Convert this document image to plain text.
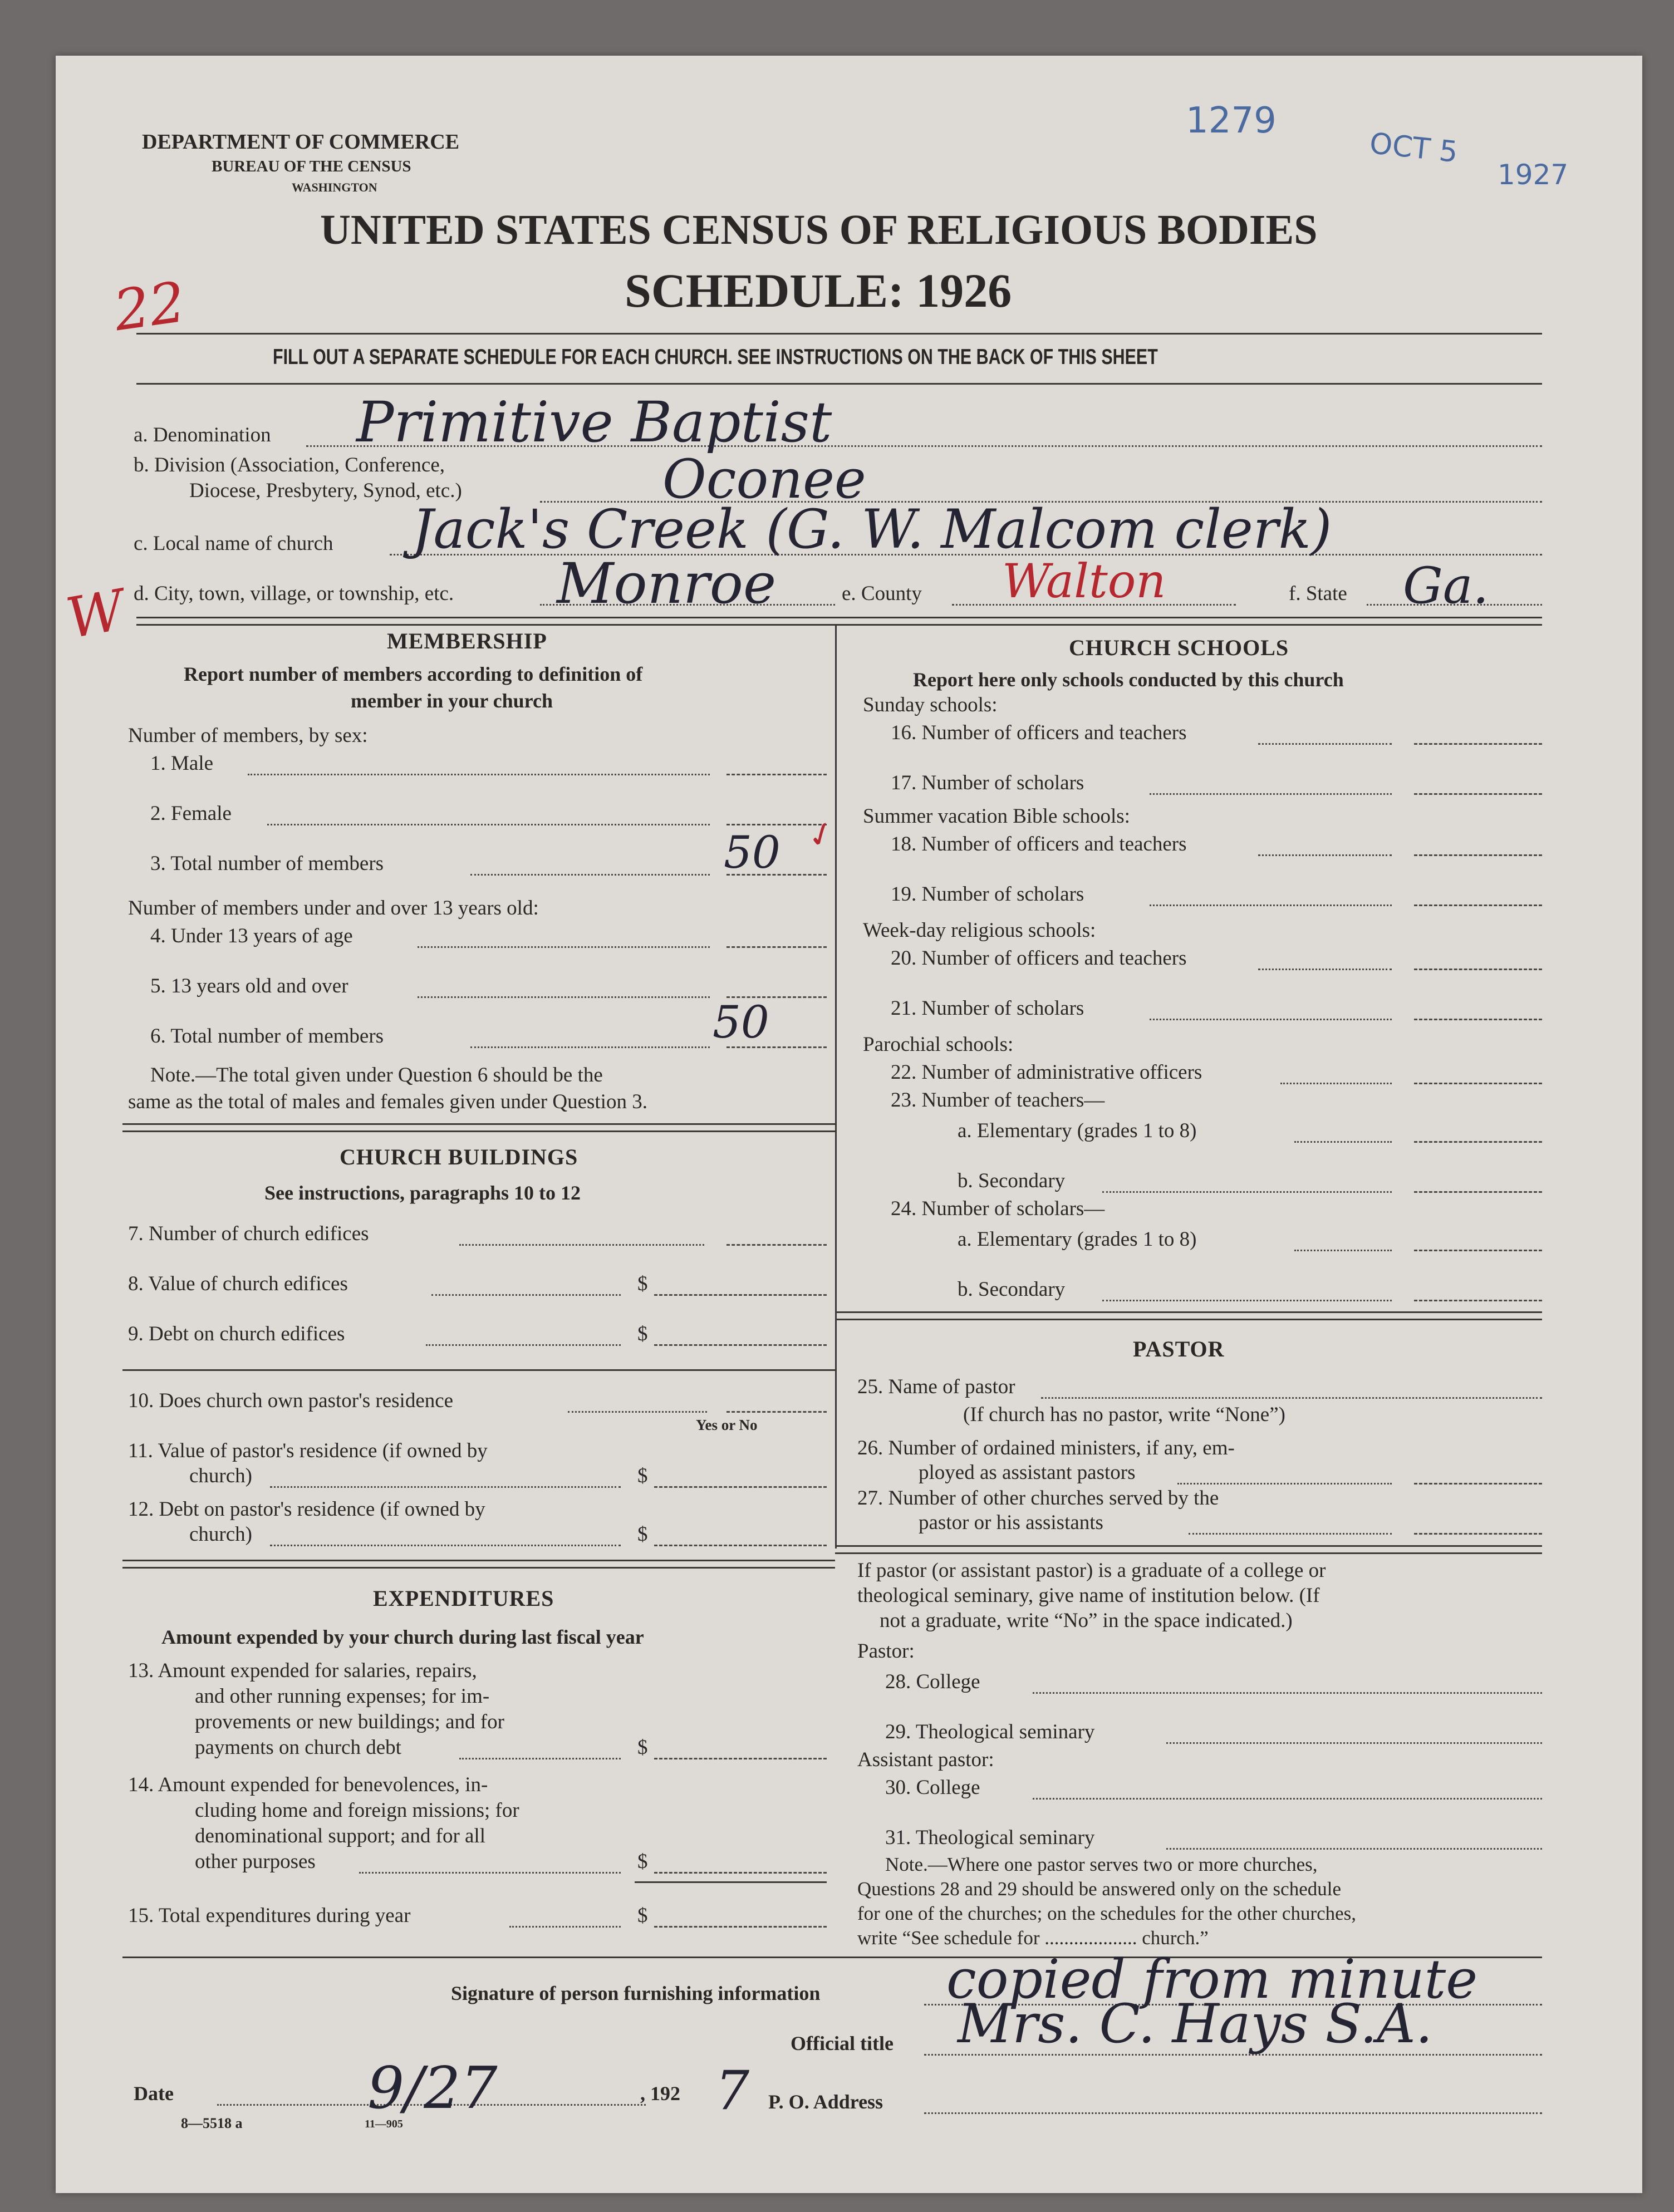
DEPARTMENT OF COMMERCE
BUREAU OF THE CENSUS
WASHINGTON
UNITED STATES CENSUS OF RELIGIOUS BODIES
SCHEDULE: 1926
FILL OUT A SEPARATE SCHEDULE FOR EACH CHURCH. SEE INSTRUCTIONS ON THE BACK OF THIS SHEET
1279
OCT 5
1927
22
W
a. Denomination Primitive Baptist
b. Division (Association, Conference,
Diocese, Presbytery, Synod, etc.)	Oconee
c. Local name of church Jack's Creek (G. W. Malcom clerk)
d. City, town, village, or township, etc. Monroe	e. County Walton	f. State Ga.
MEMBERSHIP
Report number of members according to definition of
member in your church
Number of members, by sex:
1. Male
2. Female
3. Total number of members	50 ✓
Number of members under and over 13 years old:
4. Under 13 years of age
5. 13 years old and over
6. Total number of members	50
Note.—The total given under Question 6 should be the
same as the total of males and females given under Question 3.
CHURCH BUILDINGS
See instructions, paragraphs 10 to 12
7. Number of church edifices
8. Value of church edifices	$
9. Debt on church edifices	$
10. Does church own pastor's residence
Yes or No
11. Value of pastor's residence (if owned by
church)	$
12. Debt on pastor's residence (if owned by
church)	$
EXPENDITURES
Amount expended by your church during last fiscal year
13. Amount expended for salaries, repairs,
and other running expenses; for im-
provements or new buildings; and for
payments on church debt	$
14. Amount expended for benevolences, in-
cluding home and foreign missions; for
denominational support; and for all
other purposes	$
15. Total expenditures during year	$
CHURCH SCHOOLS
Report here only schools conducted by this church
Sunday schools:
16. Number of officers and teachers
17. Number of scholars
Summer vacation Bible schools:
18. Number of officers and teachers
19. Number of scholars
Week-day religious schools:
20. Number of officers and teachers
21. Number of scholars
Parochial schools:
22. Number of administrative officers
23. Number of teachers—
a. Elementary (grades 1 to 8)
b. Secondary
24. Number of scholars—
a. Elementary (grades 1 to 8)
b. Secondary
PASTOR
25. Name of pastor
(If church has no pastor, write “None”)
26. Number of ordained ministers, if any, em-
ployed as assistant pastors
27. Number of other churches served by the
pastor or his assistants
If pastor (or assistant pastor) is a graduate of a college or
theological seminary, give name of institution below. (If
not a graduate, write “No” in the space indicated.)
Pastor:
28. College
29. Theological seminary
Assistant pastor:
30. College
31. Theological seminary
Note.—Where one pastor serves two or more churches,
Questions 28 and 29 should be answered only on the schedule
for one of the churches; on the schedules for the other churches,
write “See schedule for ................... church.”
Signature of person furnishing information copied from minute
Official title Mrs. C. Hays S.A.
Date	9/27	, 192 7 P. O. Address
8—5518 a	11—905
